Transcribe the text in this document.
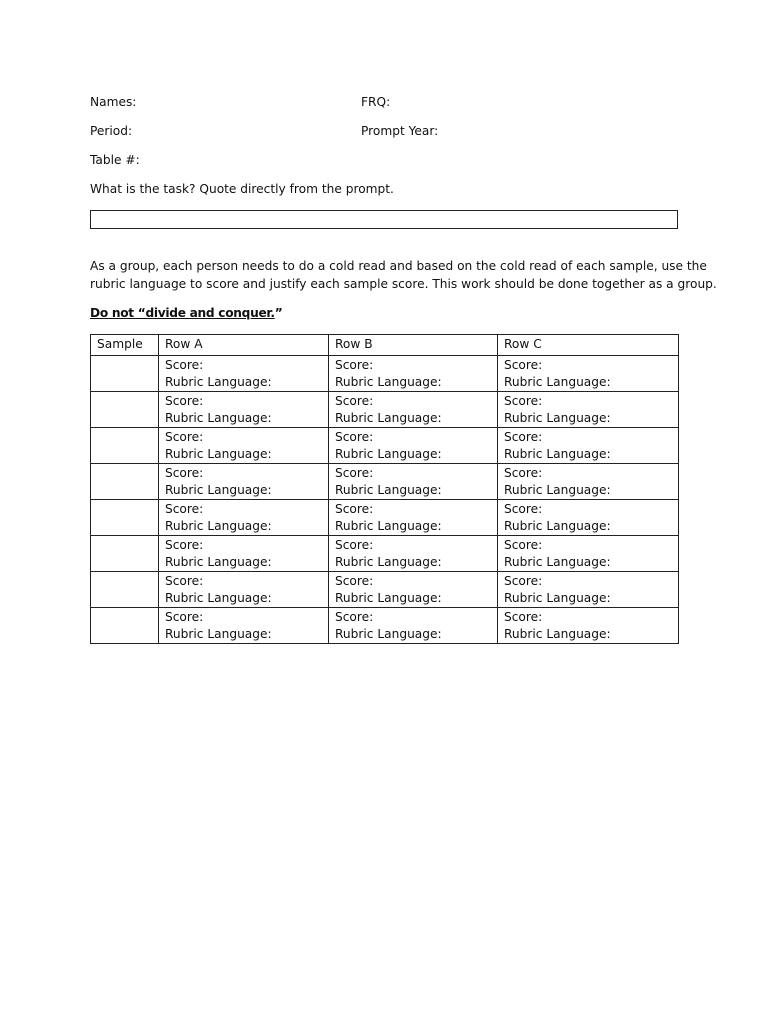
Names:	FRQ:
Period:	Prompt Year:
Table #:
What is the task? Quote directly from the prompt.
As a group, each person needs to do a cold read and based on the cold read of each sample, use the
rubric language to score and justify each sample score. This work should be done together as a group.
Do not “divide and conquer.”
Sample	Row A	Row B	Row C

	Score:
Rubric Language:	Score:
Rubric Language:	Score:
Rubric Language:

	Score:
Rubric Language:	Score:
Rubric Language:	Score:
Rubric Language:

	Score:
Rubric Language:	Score:
Rubric Language:	Score:
Rubric Language:

	Score:
Rubric Language:	Score:
Rubric Language:	Score:
Rubric Language:

	Score:
Rubric Language:	Score:
Rubric Language:	Score:
Rubric Language:

	Score:
Rubric Language:	Score:
Rubric Language:	Score:
Rubric Language:

	Score:
Rubric Language:	Score:
Rubric Language:	Score:
Rubric Language:

	Score:
Rubric Language:	Score:
Rubric Language:	Score:
Rubric Language:
